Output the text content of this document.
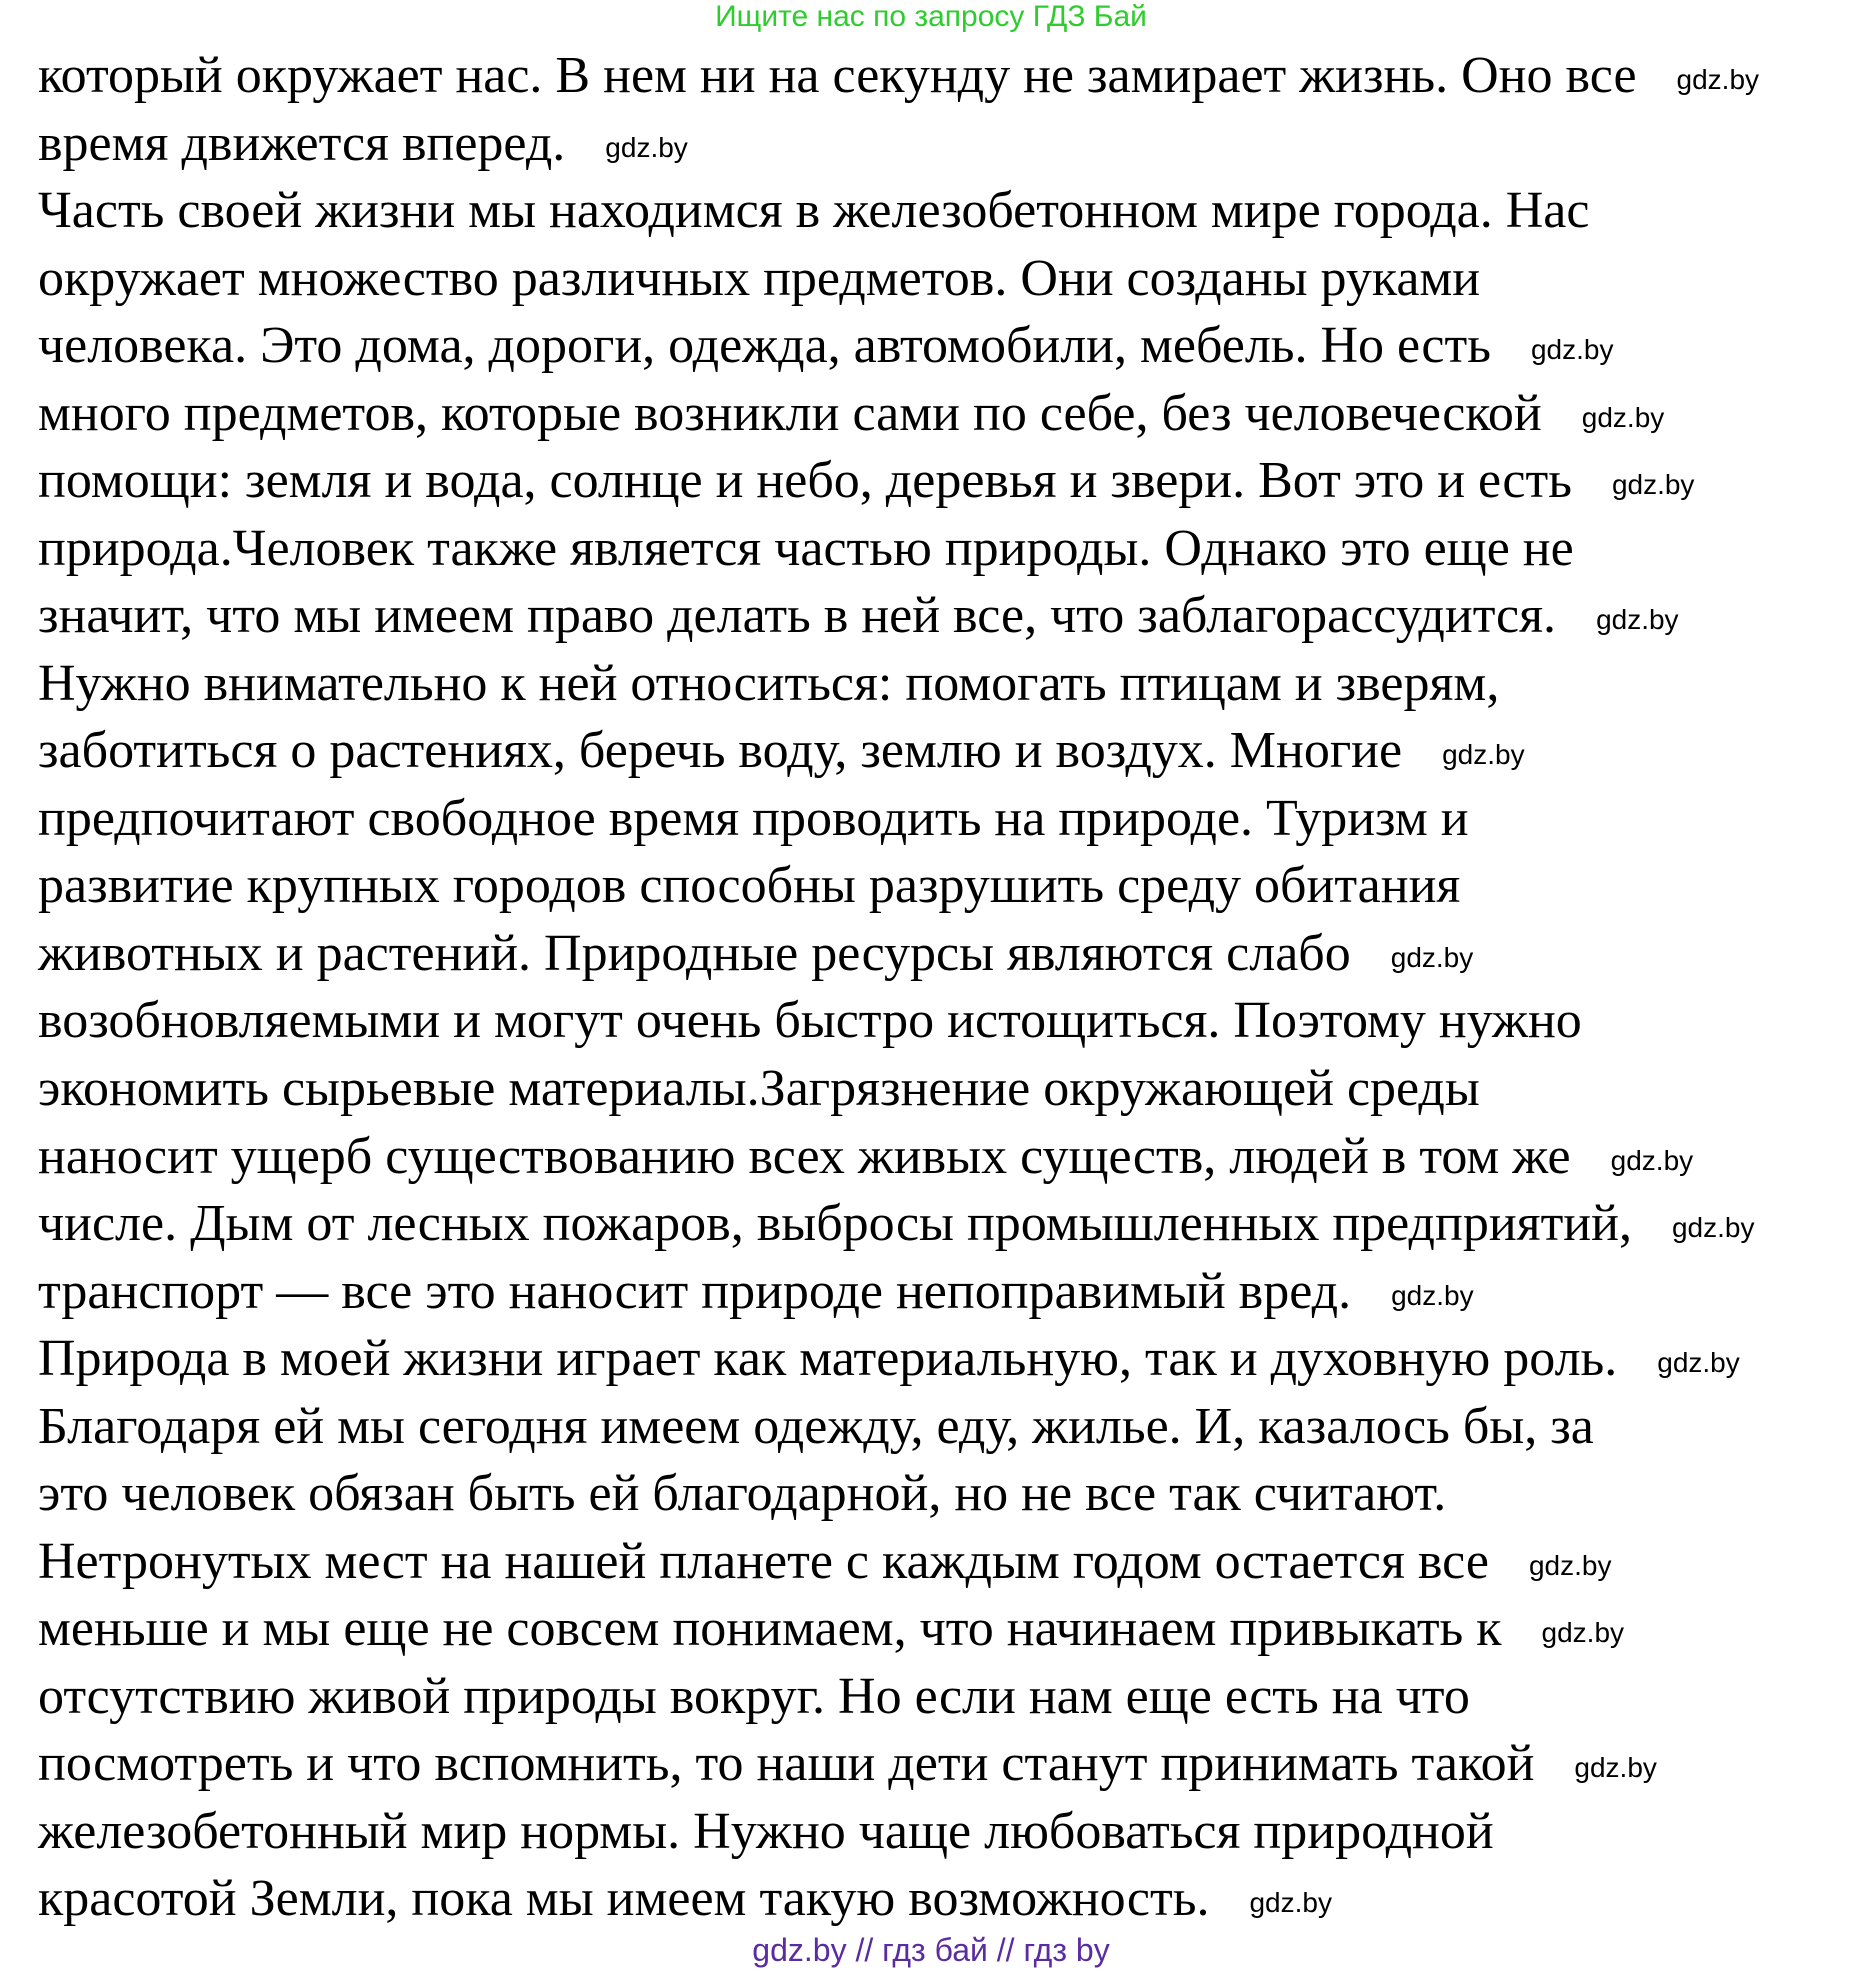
Ищите нас по запросу ГДЗ Бай
который окружает нас. В нем ни на секунду не замирает жизнь. Оно все gdz.by
время движется вперед. gdz.by
Часть своей жизни мы находимся в железобетонном мире города. Нас
окружает множество различных предметов. Они созданы руками
человека. Это дома, дороги, одежда, автомобили, мебель. Но есть gdz.by
много предметов, которые возникли сами по себе, без человеческой gdz.by
помощи: земля и вода, солнце и небо, деревья и звери. Вот это и есть gdz.by
природа.Человек также является частью природы. Однако это еще не
значит, что мы имеем право делать в ней все, что заблагорассудится. gdz.by
Нужно внимательно к ней относиться: помогать птицам и зверям,
заботиться о растениях, беречь воду, землю и воздух. Многие gdz.by
предпочитают свободное время проводить на природе. Туризм и
развитие крупных городов способны разрушить среду обитания
животных и растений. Природные ресурсы являются слабо gdz.by
возобновляемыми и могут очень быстро истощиться. Поэтому нужно
экономить сырьевые материалы.Загрязнение окружающей среды
наносит ущерб существованию всех живых существ, людей в том же gdz.by
числе. Дым от лесных пожаров, выбросы промышленных предприятий, gdz.by
транспорт — все это наносит природе непоправимый вред. gdz.by
Природа в моей жизни играет как материальную, так и духовную роль. gdz.by
Благодаря ей мы сегодня имеем одежду, еду, жилье. И, казалось бы, за
это человек обязан быть ей благодарной, но не все так считают.
Нетронутых мест на нашей планете с каждым годом остается все gdz.by
меньше и мы еще не совсем понимаем, что начинаем привыкать к gdz.by
отсутствию живой природы вокруг. Но если нам еще есть на что
посмотреть и что вспомнить, то наши дети станут принимать такой gdz.by
железобетонный мир нормы. Нужно чаще любоваться природной
красотой Земли, пока мы имеем такую возможность. gdz.by
gdz.by // гдз бай // гдз by
